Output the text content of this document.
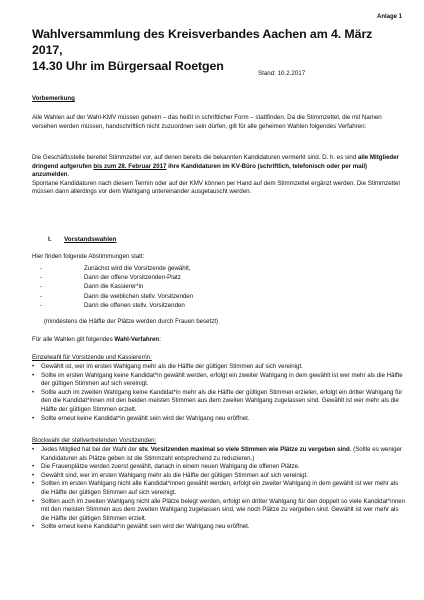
Anlage 1
Wahlversammlung des Kreisverbandes Aachen am 4. März 2017,
14.30 Uhr im Bürgersaal Roetgen
Stand: 10.2.2017
Vorbemerkung
Alle Wahlen auf der Wahl-KMV müssen geheim – das heißt in schriftlicher Form – stattfinden. Da die Stimmzettel, die mit Namen versehen werden müssen, handschriftlich nicht zuzuordnen sein dürfen, gilt für alle geheimen Wahlen folgendes Verfahren:
Die Geschäftsstelle bereitet Stimmzettel vor, auf denen bereits die bekannten Kandidaturen vermerkt sind. D. h. es sind alle Mitglieder dringend aufgerufen bis zum 28. Februar 2017 ihre Kandidaturen im KV-Büro (schriftlich, telefonisch oder per mail) anzumelden.
Spontane Kandidaturen nach diesem Termin oder auf der KMV können per Hand auf dem Stimmzettel ergänzt werden. Die Stimmzettel müssen dann allerdings vor dem Wahlgang untereinander ausgetauscht werden.
I. Vorstandswahlen
Hier finden folgende Abstimmungen statt:
-	Zunächst wird die Vorsitzende gewählt,
-	Dann der offene Vorsitzenden-Platz
-	Dann die Kassierer*in
-	Dann die weiblichen stellv. Vorsitzenden
-	Dann die offenen stellv. Vorsitzenden
(mindestens die Hälfte der Plätze werden durch Frauen besetzt)
Für alle Wahlen gilt folgendes Wahl-Verfahren:
Einzelwahl für Vorsitzende und Kassierer/in:
•	Gewählt ist, wer im ersten Wahlgang mehr als die Hälfte der gültigen Stimmen auf sich vereinigt.
•	Sollte im ersten Wahlgang keine Kandidat*in gewählt werden, erfolgt ein zweiter Wahlgang in dem gewählt ist wer mehr als die Hälfte der gültigen Stimmen auf sich vereinigt.
•	Sollte auch im zweiten Wahlgang keine Kandidat*in mehr als die Hälfte der gültigen Stimmen erzielen, erfolgt ein dritter Wahlgang für den die Kandidat*innen mit den beiden meisten Stimmen aus dem zweiten Wahlgang zugelassen sind. Gewählt ist wer mehr als die Hälfte der gültigen Stimmen erzielt.
•	Sollte erneut keine Kandidat*in gewählt sein wird der Wahlgang neu eröffnet.
Blockwahl der stellvertretenden Vorsitzenden:
•	Jedes Mitglied hat bei der Wahl der stv. Vorsitzenden maximal so viele Stimmen wie Plätze zu vergeben sind. (Sollte es weniger Kandidaturen als Plätze geben ist die Stimmzahl entsprechend zu reduzieren.)
•	Die Frauenplätze werden zuerst gewählt, danach in einem neuen Wahlgang die offenen Plätze.
•	Gewählt sind, wer im ersten Wahlgang mehr als die Hälfte der gültigen Stimmen auf sich vereinigt.
•	Sollten im ersten Wahlgang nicht alle Kandidat*innen gewählt werden, erfolgt ein zweiter Wahlgang in dem gewählt ist wer mehr als die Hälfte der gültigen Stimmen auf sich vereinigt.
•	Sollten auch im zweiten Wahlgang nicht alle Plätze belegt werden, erfolgt ein dritter Wahlgang für den doppelt so viele Kandidat*innen mit den meisten Stimmen aus dem zweiten Wahlgang zugelassen sind, wie noch Plätze zu vergeben sind. Gewählt ist wer mehr als die Hälfte der gültigen Stimmen erzielt.
•	Sollte erneut keine Kandidat*in gewählt sein wird der Wahlgang neu eröffnet.
